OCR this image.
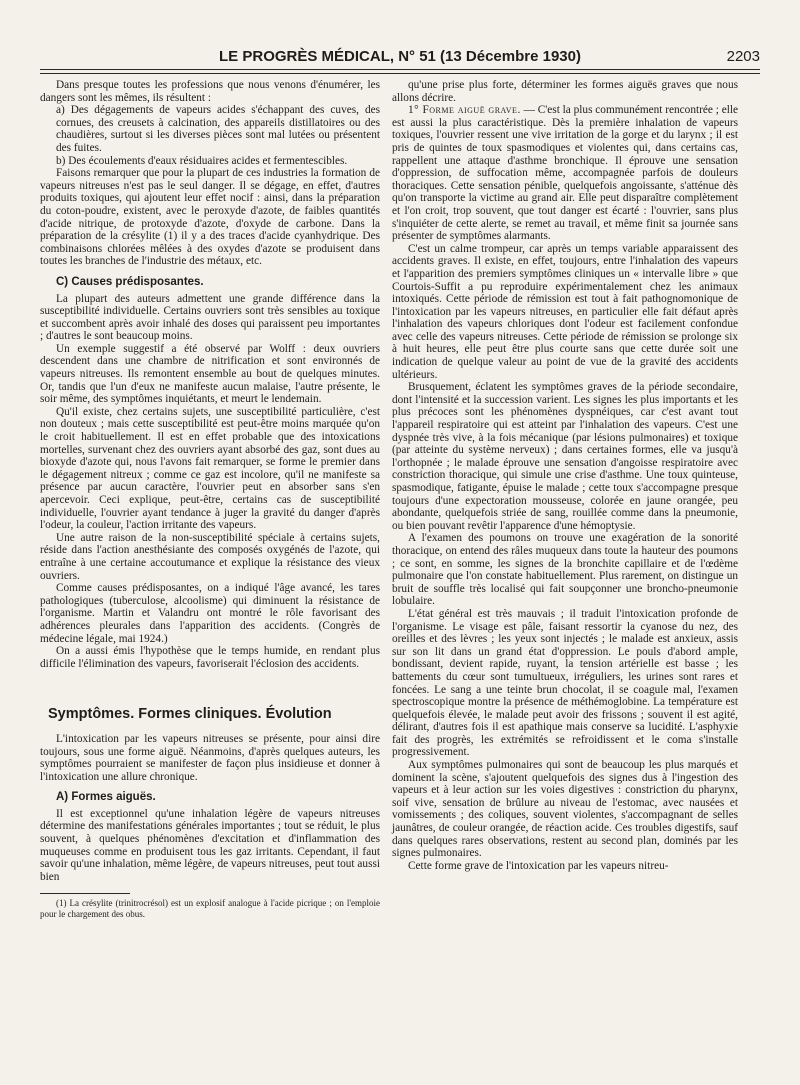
LE PROGRÈS MÉDICAL, N° 51 (13 Décembre 1930)	2203

Dans presque toutes les professions que nous venons d'énumérer, les dangers sont les mêmes, ils résultent :

a) Des dégagements de vapeurs acides s'échappant des cuves, des cornues, des creusets à calcination, des appareils distillatoires ou des chaudières, surtout si les diverses pièces sont mal lutées ou présentent des fuites.

b) Des écoulements d'eaux résiduaires acides et fermentescibles.

Faisons remarquer que pour la plupart de ces industries la formation de vapeurs nitreuses n'est pas le seul danger. Il se dégage, en effet, d'autres produits toxiques, qui ajoutent leur effet nocif : ainsi, dans la préparation du coton-poudre, existent, avec le peroxyde d'azote, de faibles quantités d'acide nitrique, de protoxyde d'azote, d'oxyde de carbone. Dans la préparation de la crésylite (1) il y a des traces d'acide cyanhydrique. Des combinaisons chlorées mêlées à des oxydes d'azote se produisent dans toutes les branches de l'industrie des métaux, etc.

C) Causes prédisposantes.

La plupart des auteurs admettent une grande différence dans la susceptibilité individuelle. Certains ouvriers sont très sensibles au toxique et succombent après avoir inhalé des doses qui paraissent peu importantes ; d'autres le sont beaucoup moins.

Un exemple suggestif a été observé par Wolff : deux ouvriers descendent dans une chambre de nitrification et sont environnés de vapeurs nitreuses. Ils remontent ensemble au bout de quelques minutes. Or, tandis que l'un d'eux ne manifeste aucun malaise, l'autre présente, le soir même, des symptômes inquiétants, et meurt le lendemain.

Qu'il existe, chez certains sujets, une susceptibilité particulière, c'est non douteux ; mais cette susceptibilité est peut-être moins marquée qu'on le croit habituellement. Il est en effet probable que des intoxications mortelles, survenant chez des ouvriers ayant absorbé des gaz, sont dues au bioxyde d'azote qui, nous l'avons fait remarquer, se forme le premier dans le dégagement nitreux ; comme ce gaz est incolore, qu'il ne manifeste sa présence par aucun caractère, l'ouvrier peut en absorber sans s'en apercevoir. Ceci explique, peut-être, certains cas de susceptibilité individuelle, l'ouvrier ayant tendance à juger la gravité du danger d'après l'odeur, la couleur, l'action irritante des vapeurs.

Une autre raison de la non-susceptibilité spéciale à certains sujets, réside dans l'action anesthésiante des composés oxygénés de l'azote, qui entraîne à une certaine accoutumance et explique la résistance des vieux ouvriers.

Comme causes prédisposantes, on a indiqué l'âge avancé, les tares pathologiques (tuberculose, alcoolisme) qui diminuent la résistance de l'organisme. Martin et Valandru ont montré le rôle favorisant des adhérences pleurales dans l'apparition des accidents. (Congrès de médecine légale, mai 1924.)

On a aussi émis l'hypothèse que le temps humide, en rendant plus difficile l'élimination des vapeurs, favoriserait l'éclosion des accidents.

Symptômes. Formes cliniques. Évolution

L'intoxication par les vapeurs nitreuses se présente, pour ainsi dire toujours, sous une forme aiguë. Néanmoins, d'après quelques auteurs, les symptômes pourraient se manifester de façon plus insidieuse et donner à l'intoxication une allure chronique.

A) Formes aiguës.

Il est exceptionnel qu'une inhalation légère de vapeurs nitreuses détermine des manifestations générales importantes ; tout se réduit, le plus souvent, à quelques phénomènes d'excitation et d'inflammation des muqueuses comme en produisent tous les gaz irritants. Cependant, il faut savoir qu'une inhalation, même légère, de vapeurs nitreuses, peut tout aussi bien

(1) La crésylite (trinitrocrésol) est un explosif analogue à l'acide picrique ; on l'emploie pour le chargement des obus.

qu'une prise plus forte, déterminer les formes aiguës graves que nous allons décrire.

1° Forme aiguë grave. — C'est la plus communément rencontrée ; elle est aussi la plus caractéristique. Dès la première inhalation de vapeurs toxiques, l'ouvrier ressent une vive irritation de la gorge et du larynx ; il est pris de quintes de toux spasmodiques et violentes qui, dans certains cas, rappellent une attaque d'asthme bronchique. Il éprouve une sensation d'oppression, de suffocation même, accompagnée parfois de douleurs thoraciques. Cette sensation pénible, quelquefois angoissante, s'atténue dès qu'on transporte la victime au grand air. Elle peut disparaître complètement et l'on croit, trop souvent, que tout danger est écarté : l'ouvrier, sans plus s'inquiéter de cette alerte, se remet au travail, et même finit sa journée sans présenter de symptômes alarmants.

C'est un calme trompeur, car après un temps variable apparaissent des accidents graves. Il existe, en effet, toujours, entre l'inhalation des vapeurs et l'apparition des premiers symptômes cliniques un « intervalle libre » que Courtois-Suffit a pu reproduire expérimentalement chez les animaux intoxiqués. Cette période de rémission est tout à fait pathognomonique de l'intoxication par les vapeurs nitreuses, en particulier elle fait défaut après l'inhalation des vapeurs chloriques dont l'odeur est facilement confondue avec celle des vapeurs nitreuses. Cette période de rémission se prolonge six à huit heures, elle peut être plus courte sans que cette durée soit une indication de quelque valeur au point de vue de la gravité des accidents ultérieurs.

Brusquement, éclatent les symptômes graves de la période secondaire, dont l'intensité et la succession varient. Les signes les plus importants et les plus précoces sont les phénomènes dyspnéiques, car c'est avant tout l'appareil respiratoire qui est atteint par l'inhalation des vapeurs. C'est une dyspnée très vive, à la fois mécanique (par lésions pulmonaires) et toxique (par atteinte du système nerveux) ; dans certaines formes, elle va jusqu'à l'orthopnée ; le malade éprouve une sensation d'angoisse respiratoire avec constriction thoracique, qui simule une crise d'asthme. Une toux quinteuse, spasmodique, fatigante, épuise le malade ; cette toux s'accompagne presque toujours d'une expectoration mousseuse, colorée en jaune orangée, peu abondante, quelquefois striée de sang, rouillée comme dans la pneumonie, ou bien pouvant revêtir l'apparence d'une hémoptysie.

A l'examen des poumons on trouve une exagération de la sonorité thoracique, on entend des râles muqueux dans toute la hauteur des poumons ; ce sont, en somme, les signes de la bronchite capillaire et de l'œdème pulmonaire que l'on constate habituellement. Plus rarement, on distingue un bruit de souffle très localisé qui fait soupçonner une broncho-pneumonie lobulaire.

L'état général est très mauvais ; il traduit l'intoxication profonde de l'organisme. Le visage est pâle, faisant ressortir la cyanose du nez, des oreilles et des lèvres ; les yeux sont injectés ; le malade est anxieux, assis sur son lit dans un grand état d'oppression. Le pouls d'abord ample, bondissant, devient rapide, ruyant, la tension artérielle est basse ; les battements du cœur sont tumultueux, irréguliers, les urines sont rares et foncées. Le sang a une teinte brun chocolat, il se coagule mal, l'examen spectroscopique montre la présence de méthémoglobine. La température est quelquefois élevée, le malade peut avoir des frissons ; souvent il est agité, délirant, d'autres fois il est apathique mais conserve sa lucidité. L'asphyxie fait des progrès, les extrémités se refroidissent et le coma s'installe progressivement.

Aux symptômes pulmonaires qui sont de beaucoup les plus marqués et dominent la scène, s'ajoutent quelquefois des signes dus à l'ingestion des vapeurs et à leur action sur les voies digestives : constriction du pharynx, soif vive, sensation de brûlure au niveau de l'estomac, avec nausées et vomissements ; des coliques, souvent violentes, s'accompagnant de selles jaunâtres, de couleur orangée, de réaction acide. Ces troubles digestifs, sauf dans quelques rares observations, restent au second plan, dominés par les signes pulmonaires.

Cette forme grave de l'intoxication par les vapeurs nitreu-
